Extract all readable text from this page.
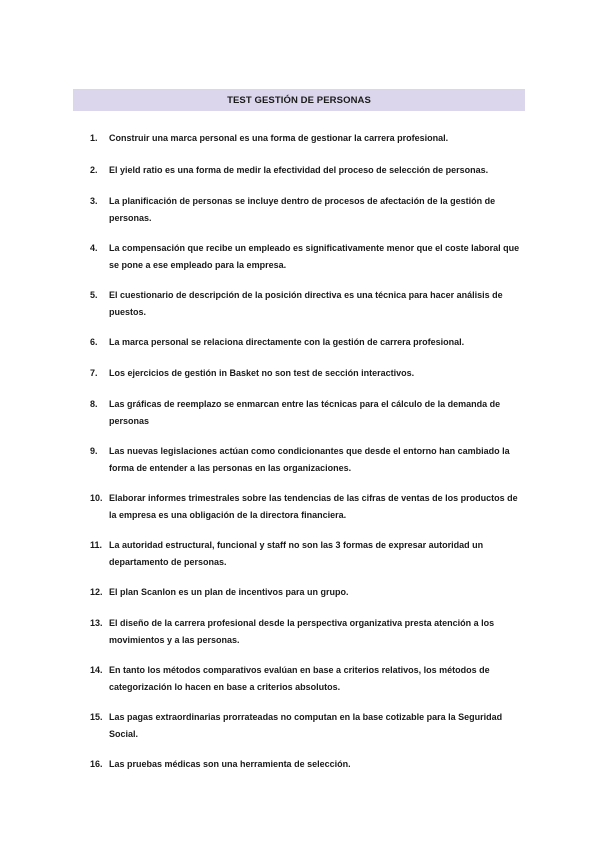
TEST GESTIÓN DE PERSONAS
1.	Construir una marca personal es una forma de gestionar la carrera profesional.
2.	El yield ratio es una forma de medir la efectividad del proceso de selección de personas.
3.	La planificación de personas se incluye dentro de procesos de afectación de la gestión de personas.
4.	La compensación que recibe un empleado es significativamente menor que el coste laboral que se pone a ese empleado para la empresa.
5.	El cuestionario de descripción de la posición directiva es una técnica para hacer análisis de puestos.
6.	La marca personal se relaciona directamente con la gestión de carrera profesional.
7.	Los ejercicios de gestión in Basket no son test de sección interactivos.
8.	Las gráficas de reemplazo se enmarcan entre las técnicas para el cálculo de la demanda de personas
9.	Las nuevas legislaciones actúan como condicionantes que desde el entorno han cambiado la forma de entender a las personas en las organizaciones.
10. Elaborar informes trimestrales sobre las tendencias de las cifras de ventas de los productos de la empresa es una obligación de la directora financiera.
11. La autoridad estructural, funcional y staff no son las 3 formas de expresar autoridad un departamento de personas.
12. El plan Scanlon es un plan de incentivos para un grupo.
13. El diseño de la carrera profesional desde la perspectiva organizativa presta atención a los movimientos y a las personas.
14. En tanto los métodos comparativos evalúan en base a criterios relativos, los métodos de categorización lo hacen en base a criterios absolutos.
15. Las pagas extraordinarias prorrateadas no computan en la base cotizable para la Seguridad Social.
16. Las pruebas médicas son una herramienta de selección.
